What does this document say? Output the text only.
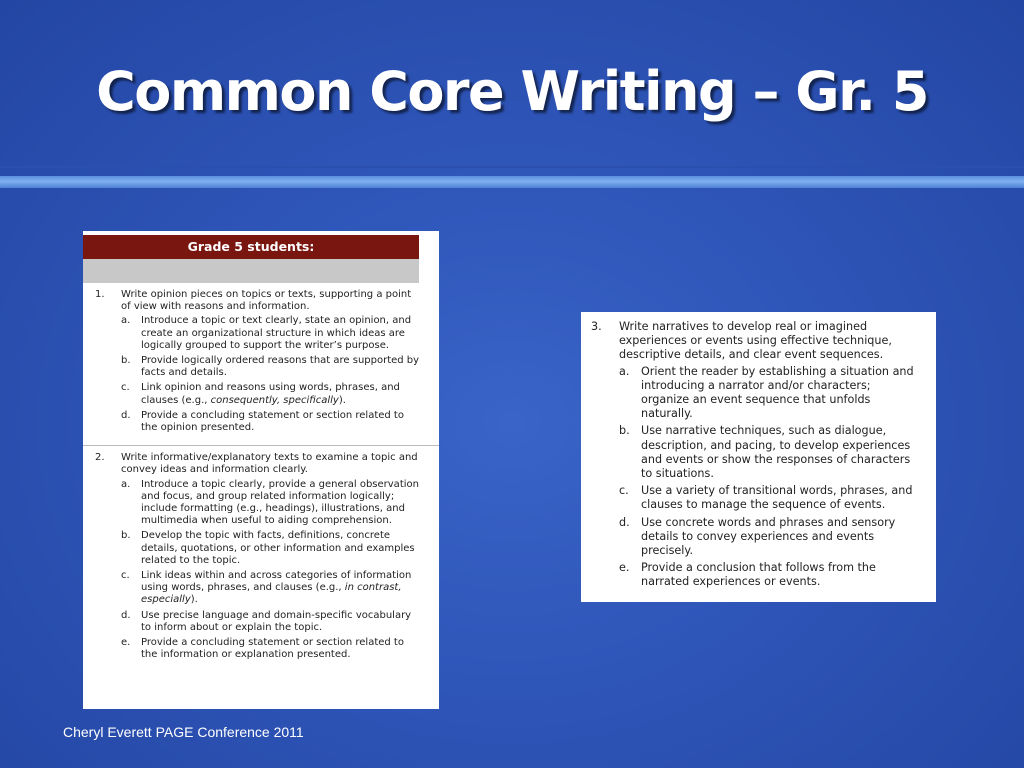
Common Core Writing – Gr. 5
Grade 5 students:
1. Write opinion pieces on topics or texts, supporting a point of view with reasons and information.
a. Introduce a topic or text clearly, state an opinion, and create an organizational structure in which ideas are logically grouped to support the writer’s purpose.
b. Provide logically ordered reasons that are supported by facts and details.
c. Link opinion and reasons using words, phrases, and clauses (e.g., consequently, specifically).
d. Provide a concluding statement or section related to the opinion presented.
2. Write informative/explanatory texts to examine a topic and convey ideas and information clearly.
a. Introduce a topic clearly, provide a general observation and focus, and group related information logically; include formatting (e.g., headings), illustrations, and multimedia when useful to aiding comprehension.
b. Develop the topic with facts, definitions, concrete details, quotations, or other information and examples related to the topic.
c. Link ideas within and across categories of information using words, phrases, and clauses (e.g., in contrast, especially).
d. Use precise language and domain-specific vocabulary to inform about or explain the topic.
e. Provide a concluding statement or section related to the information or explanation presented.
3. Write narratives to develop real or imagined experiences or events using effective technique, descriptive details, and clear event sequences.
a. Orient the reader by establishing a situation and introducing a narrator and/or characters; organize an event sequence that unfolds naturally.
b. Use narrative techniques, such as dialogue, description, and pacing, to develop experiences and events or show the responses of characters to situations.
c. Use a variety of transitional words, phrases, and clauses to manage the sequence of events.
d. Use concrete words and phrases and sensory details to convey experiences and events precisely.
e. Provide a conclusion that follows from the narrated experiences or events.
Cheryl Everett PAGE Conference 2011
